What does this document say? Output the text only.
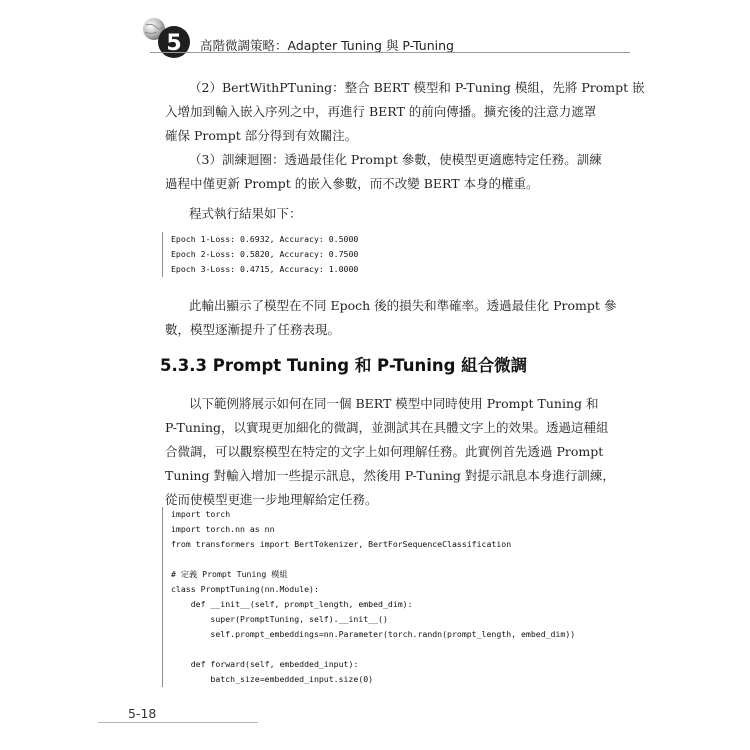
5 高階微調策略：Adapter Tuning 與 P-Tuning
（2）BertWithPTuning：整合 BERT 模型和 P-Tuning 模組，先將 Prompt 嵌
入增加到輸入嵌入序列之中，再進行 BERT 的前向傳播。擴充後的注意力遮罩
確保 Prompt 部分得到有效關注。
（3）訓練迴圈：透過最佳化 Prompt 參數，使模型更適應特定任務。訓練
過程中僅更新 Prompt 的嵌入參數，而不改變 BERT 本身的權重。
程式執行結果如下：
Epoch 1-Loss: 0.6932, Accuracy: 0.5000
Epoch 2-Loss: 0.5820, Accuracy: 0.7500
Epoch 3-Loss: 0.4715, Accuracy: 1.0000
此輸出顯示了模型在不同 Epoch 後的損失和準確率。透過最佳化 Prompt 參
數，模型逐漸提升了任務表現。
5.3.3 Prompt Tuning 和 P-Tuning 組合微調
以下範例將展示如何在同一個 BERT 模型中同時使用 Prompt Tuning 和
P-Tuning，以實現更加細化的微調，並測試其在具體文字上的效果。透過這種組
合微調，可以觀察模型在特定的文字上如何理解任務。此實例首先透過 Prompt
Tuning 對輸入增加一些提示訊息，然後用 P-Tuning 對提示訊息本身進行訓練，
從而使模型更進一步地理解給定任務。
import torch
import torch.nn as nn
from transformers import BertTokenizer, BertForSequenceClassification
# 定義 Prompt Tuning 模組
class PromptTuning(nn.Module):
def __init__(self, prompt_length, embed_dim):
super(PromptTuning, self).__init__()
self.prompt_embeddings=nn.Parameter(torch.randn(prompt_length, embed_dim))
def forward(self, embedded_input):
batch_size=embedded_input.size(0)
5-18
